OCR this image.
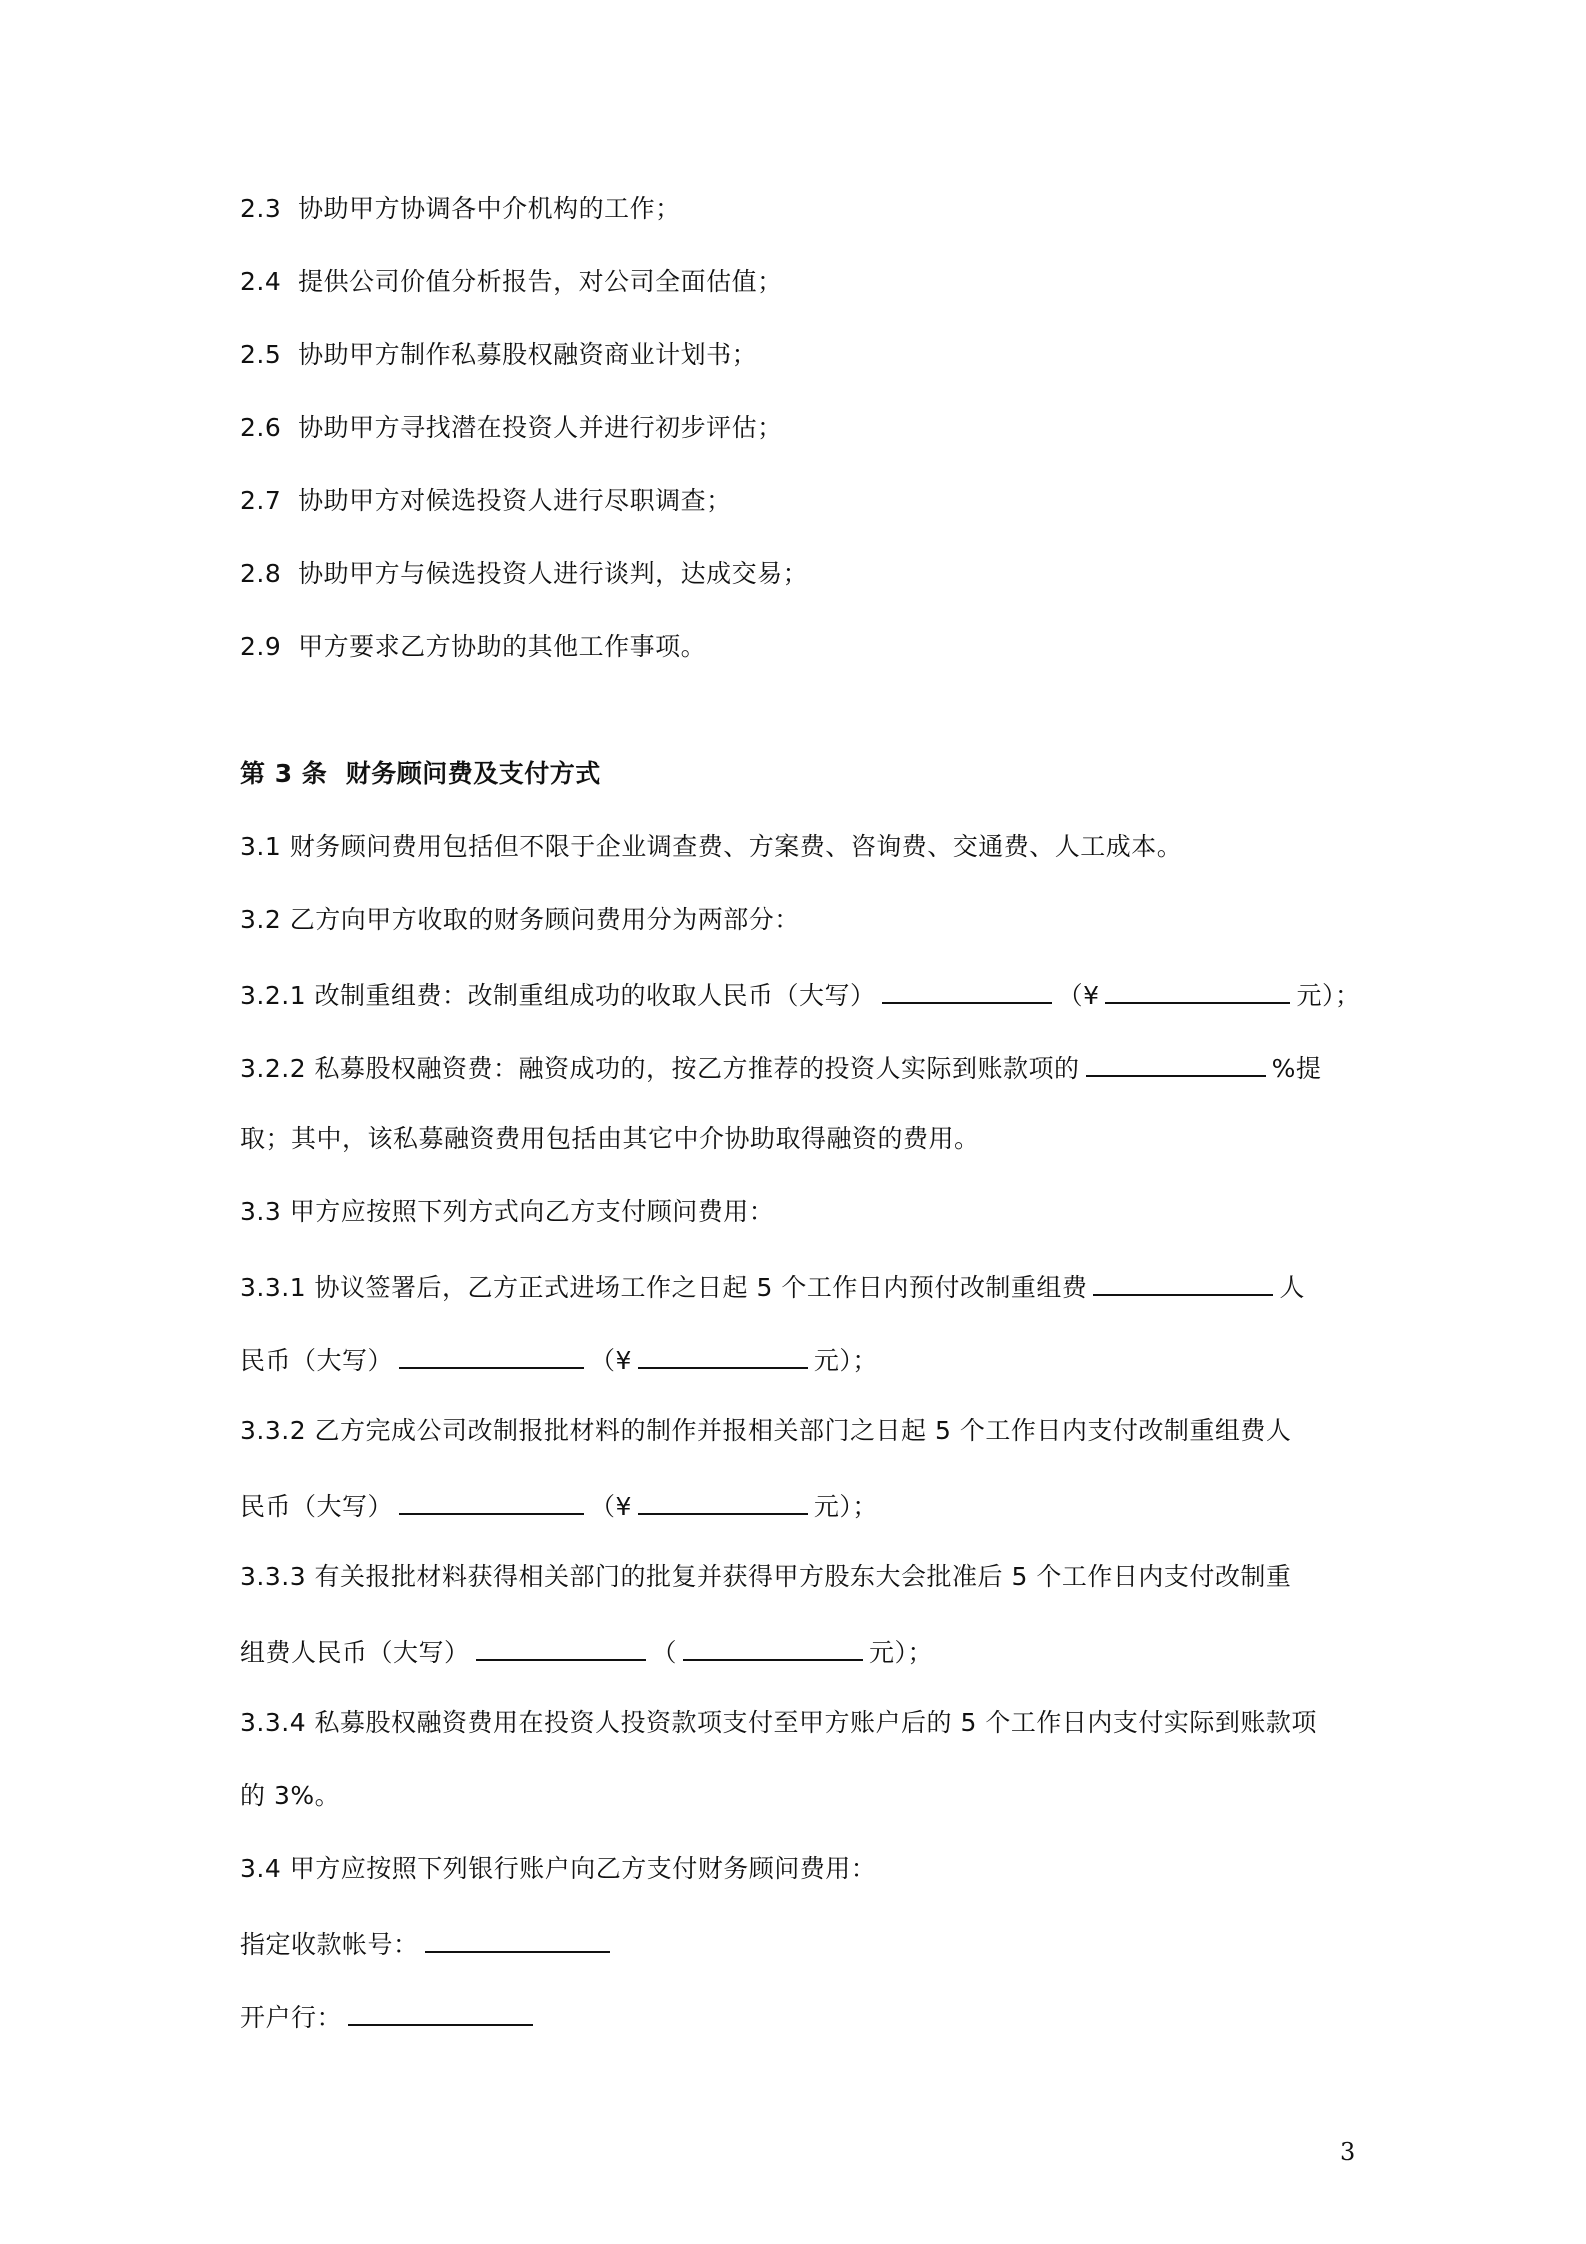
2.3 协助甲方协调各中介机构的工作；
2.4 提供公司价值分析报告，对公司全面估值；
2.5 协助甲方制作私募股权融资商业计划书；
2.6 协助甲方寻找潜在投资人并进行初步评估；
2.7 协助甲方对候选投资人进行尽职调查；
2.8 协助甲方与候选投资人进行谈判，达成交易；
2.9 甲方要求乙方协助的其他工作事项。
第 3 条 财务顾问费及支付方式
3.1 财务顾问费用包括但不限于企业调查费、方案费、咨询费、交通费、人工成本。
3.2 乙方向甲方收取的财务顾问费用分为两部分：
3.2.1 改制重组费：改制重组成功的收取人民币（大写）	（¥	元）；
3.2.2 私募股权融资费：融资成功的，按乙方推荐的投资人实际到账款项的	%提
取；其中，该私募融资费用包括由其它中介协助取得融资的费用。
3.3 甲方应按照下列方式向乙方支付顾问费用：
3.3.1 协议签署后，乙方正式进场工作之日起 5 个工作日内预付改制重组费	人
民币（大写）	（¥	元）；
3.3.2 乙方完成公司改制报批材料的制作并报相关部门之日起 5 个工作日内支付改制重组费人
民币（大写）	（¥	元）；
3.3.3 有关报批材料获得相关部门的批复并获得甲方股东大会批准后 5 个工作日内支付改制重
组费人民币（大写）	（	元）；
3.3.4 私募股权融资费用在投资人投资款项支付至甲方账户后的 5 个工作日内支付实际到账款项
的 3%。
3.4 甲方应按照下列银行账户向乙方支付财务顾问费用：
指定收款帐号：
开户行：
3
